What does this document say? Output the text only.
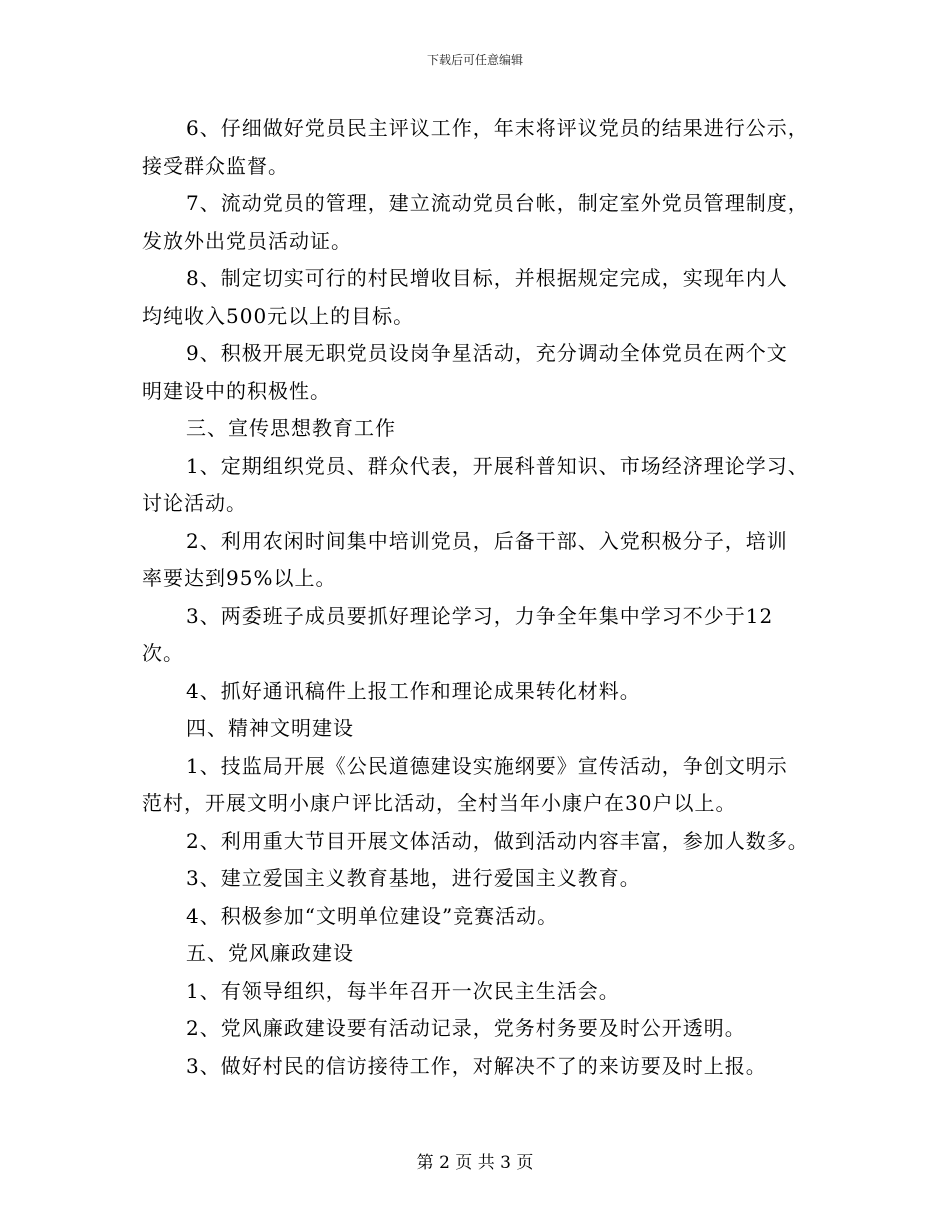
下载后可任意编辑
6、仔细做好党员民主评议工作，年末将评议党员的结果进行公示，
接受群众监督。
7、流动党员的管理，建立流动党员台帐，制定室外党员管理制度，
发放外出党员活动证。
8、制定切实可行的村民增收目标，并根据规定完成，实现年内人
均纯收入500元以上的目标。
9、积极开展无职党员设岗争星活动，充分调动全体党员在两个文
明建设中的积极性。
三、宣传思想教育工作
1、定期组织党员、群众代表，开展科普知识、市场经济理论学习、
讨论活动。
2、利用农闲时间集中培训党员，后备干部、入党积极分子，培训
率要达到95%以上。
3、两委班子成员要抓好理论学习，力争全年集中学习不少于12
次。
4、抓好通讯稿件上报工作和理论成果转化材料。
四、精神文明建设
1、技监局开展《公民道德建设实施纲要》宣传活动，争创文明示
范村，开展文明小康户评比活动，全村当年小康户在30户以上。
2、利用重大节目开展文体活动，做到活动内容丰富，参加人数多。
3、建立爱国主义教育基地，进行爱国主义教育。
4、积极参加“文明单位建设”竞赛活动。
五、党风廉政建设
1、有领导组织，每半年召开一次民主生活会。
2、党风廉政建设要有活动记录，党务村务要及时公开透明。
3、做好村民的信访接待工作，对解决不了的来访要及时上报。
第 2 页 共 3 页
